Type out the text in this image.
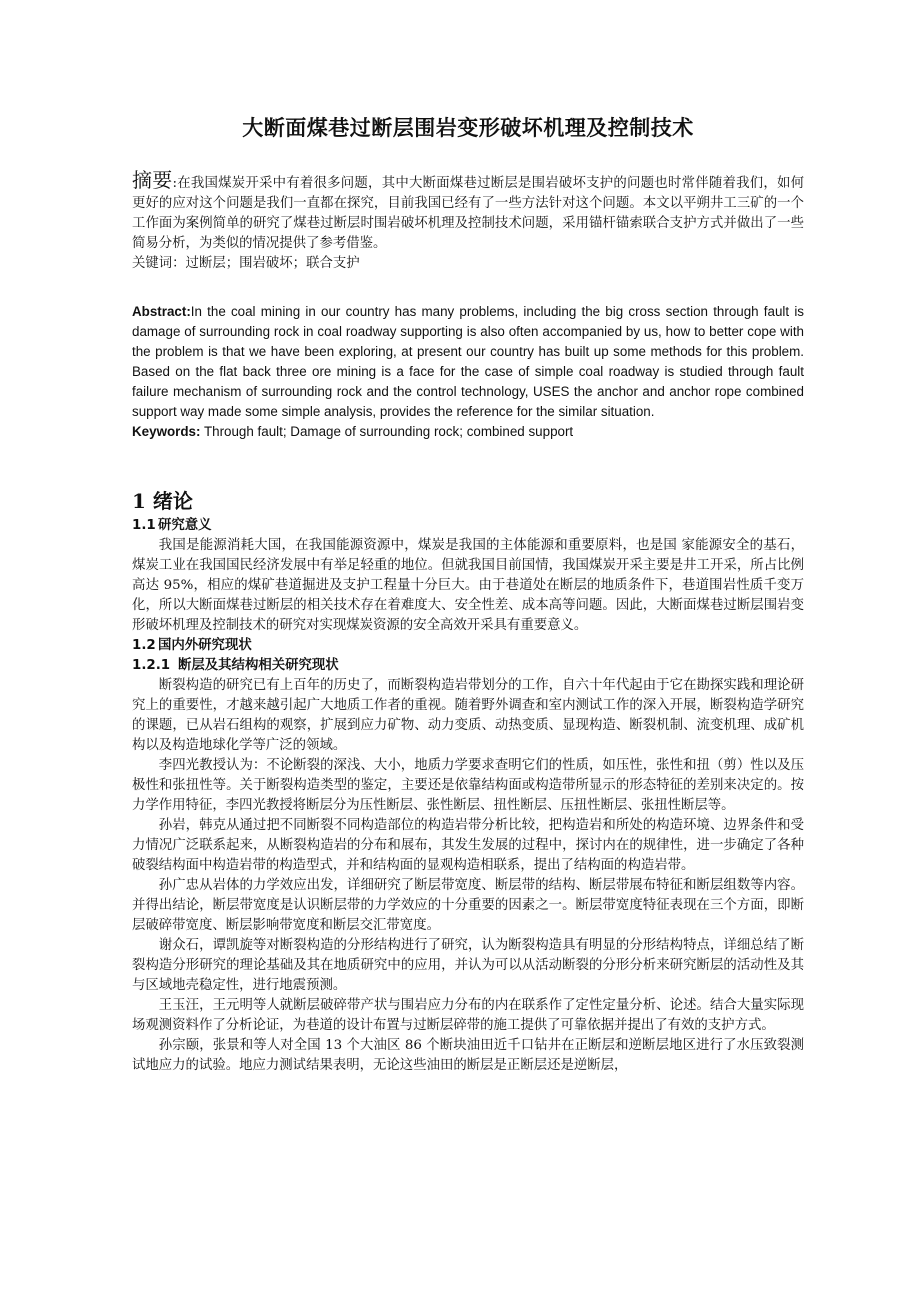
大断面煤巷过断层围岩变形破坏机理及控制技术

摘要:在我国煤炭开采中有着很多问题，其中大断面煤巷过断层是围岩破坏支护的问题也时常伴随着我们，如何更好的应对这个问题是我们一直都在探究，目前我国已经有了一些方法针对这个问题。本文以平朔井工三矿的一个工作面为案例简单的研究了煤巷过断层时围岩破坏机理及控制技术问题，采用锚杆锚索联合支护方式并做出了一些简易分析，为类似的情况提供了参考借鉴。

关键词：过断层；围岩破坏；联合支护

Abstract:In the coal mining in our country has many problems, including the big cross section through fault is damage of surrounding rock in coal roadway supporting is also often accompanied by us, how to better cope with the problem is that we have been exploring, at present our country has built up some methods for this problem. Based on the flat back three ore mining is a face for the case of simple coal roadway is studied through fault failure mechanism of surrounding rock and the control technology, USES the anchor and anchor rope combined support way made some simple analysis, provides the reference for the similar situation.

Keywords: Through fault; Damage of surrounding rock; combined support

1 绪论

1.1 研究意义

我国是能源消耗大国，在我国能源资源中，煤炭是我国的主体能源和重要原料，也是国 家能源安全的基石，煤炭工业在我国国民经济发展中有举足轻重的地位。但就我国目前国情，我国煤炭开采主要是井工开采，所占比例高达 95%，相应的煤矿巷道掘进及支护工程量十分巨大。由于巷道处在断层的地质条件下，巷道围岩性质千变万化，所以大断面煤巷过断层的相关技术存在着难度大、安全性差、成本高等问题。因此，大断面煤巷过断层围岩变形破坏机理及控制技术的研究对实现煤炭资源的安全高效开采具有重要意义。

1.2 国内外研究现状

1.2.1 断层及其结构相关研究现状

断裂构造的研究已有上百年的历史了，而断裂构造岩带划分的工作，自六十年代起由于它在勘探实践和理论研究上的重要性，才越来越引起广大地质工作者的重视。随着野外调查和室内测试工作的深入开展，断裂构造学研究的课题，已从岩石组构的观察，扩展到应力矿物、动力变质、动热变质、显现构造、断裂机制、流变机理、成矿机构以及构造地球化学等广泛的领域。

李四光教授认为：不论断裂的深浅、大小，地质力学要求查明它们的性质，如压性，张性和扭（剪）性以及压极性和张扭性等。关于断裂构造类型的鉴定，主要还是依靠结构面或构造带所显示的形态特征的差别来决定的。按力学作用特征，李四光教授将断层分为压性断层、张性断层、扭性断层、压扭性断层、张扭性断层等。

孙岩，韩克从通过把不同断裂不同构造部位的构造岩带分析比较，把构造岩和所处的构造环境、边界条件和受力情况广泛联系起来，从断裂构造岩的分布和展布，其发生发展的过程中，探讨内在的规律性，进一步确定了各种破裂结构面中构造岩带的构造型式，并和结构面的显观构造相联系，提出了结构面的构造岩带。

孙广忠从岩体的力学效应出发，详细研究了断层带宽度、断层带的结构、断层带展布特征和断层组数等内容。并得出结论，断层带宽度是认识断层带的力学效应的十分重要的因素之一。断层带宽度特征表现在三个方面，即断层破碎带宽度、断层影响带宽度和断层交汇带宽度。

谢众石，谭凯旋等对断裂构造的分形结构进行了研究，认为断裂构造具有明显的分形结构特点，详细总结了断裂构造分形研究的理论基础及其在地质研究中的应用，并认为可以从活动断裂的分形分析来研究断层的活动性及其与区域地壳稳定性，进行地震预测。

王玉汪，王元明等人就断层破碎带产状与围岩应力分布的内在联系作了定性定量分析、论述。结合大量实际现场观测资料作了分析论证，为巷道的设计布置与过断层碎带的施工提供了可靠依据并提出了有效的支护方式。

孙宗颐，张景和等人对全国 13 个大油区 86 个断块油田近千口钻井在正断层和逆断层地区进行了水压致裂测试地应力的试验。地应力测试结果表明，无论这些油田的断层是正断层还是逆断层，
